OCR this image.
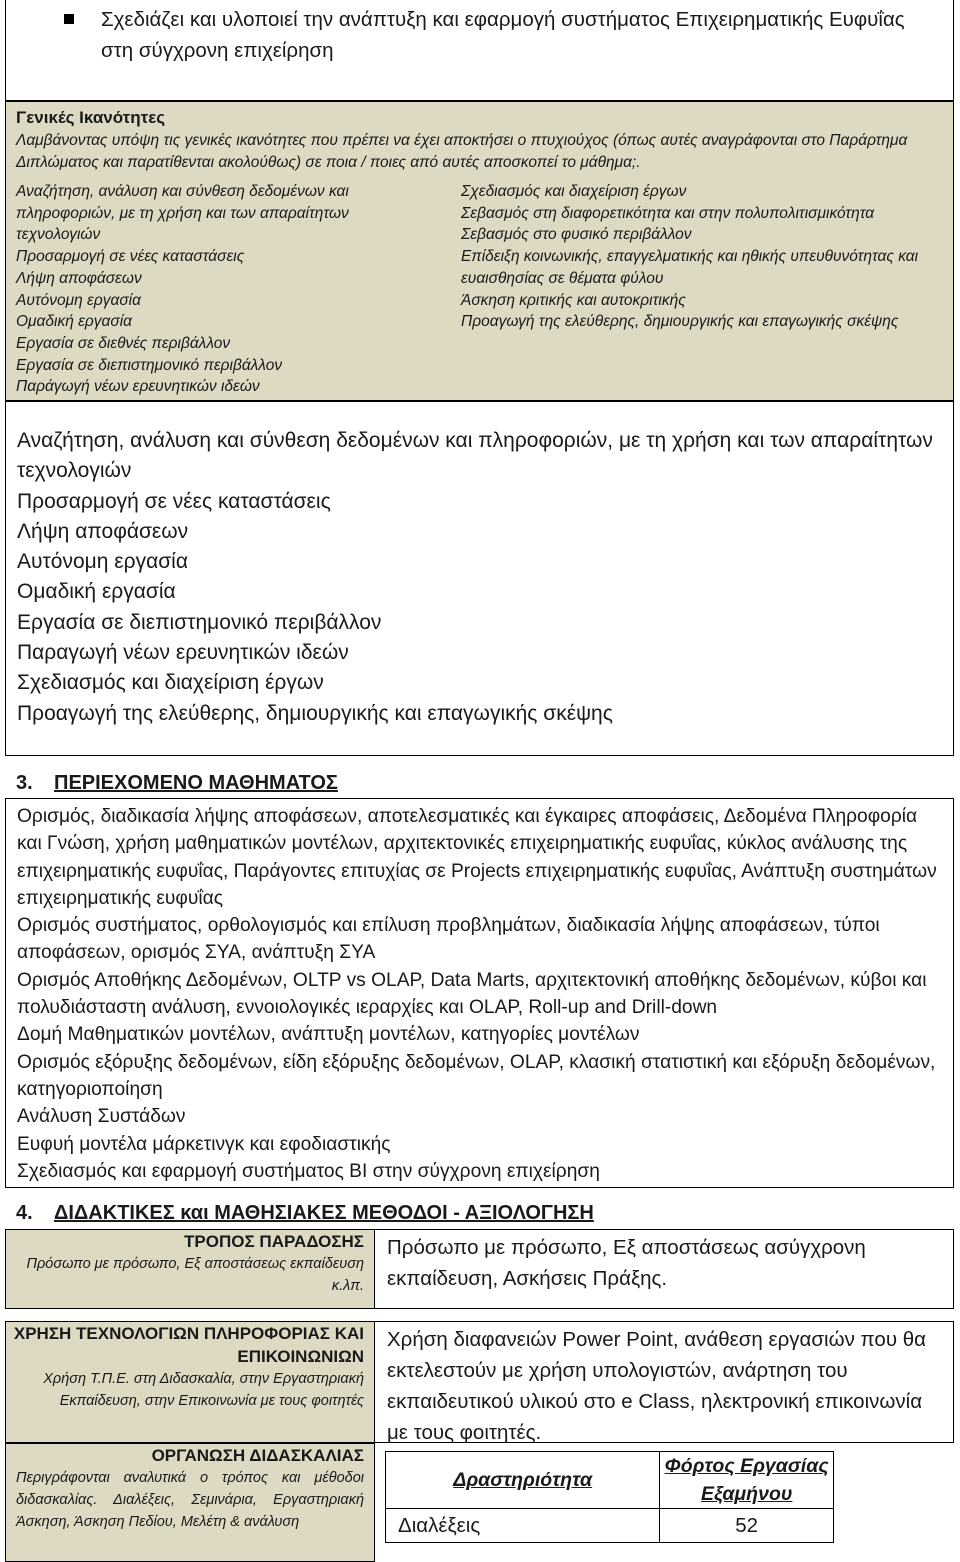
Σχεδιάζει και υλοποιεί την ανάπτυξη και εφαρμογή συστήματος Επιχειρηματικής Ευφυΐας στη σύγχρονη επιχείρηση
Γενικές Ικανότητες
Λαμβάνοντας υπόψη τις γενικές ικανότητες που πρέπει να έχει αποκτήσει ο πτυχιούχος (όπως αυτές αναγράφονται στο Παράρτημα Διπλώματος και παρατίθενται ακολούθως) σε ποια / ποιες από αυτές αποσκοπεί το μάθημα;.
Αναζήτηση, ανάλυση και σύνθεση δεδομένων και πληροφοριών, με τη χρήση και των απαραίτητων τεχνολογιών
Προσαρμογή σε νέες καταστάσεις
Λήψη αποφάσεων
Αυτόνομη εργασία
Ομαδική εργασία
Εργασία σε διεθνές περιβάλλον
Εργασία σε διεπιστημονικό περιβάλλον
Παράγωγή νέων ερευνητικών ιδεών
Σχεδιασμός και διαχείριση έργων
Σεβασμός στη διαφορετικότητα και στην πολυπολιτισμικότητα
Σεβασμός στο φυσικό περιβάλλον
Επίδειξη κοινωνικής, επαγγελματικής και ηθικής υπευθυνότητας και ευαισθησίας σε θέματα φύλου
Άσκηση κριτικής και αυτοκριτικής
Προαγωγή της ελεύθερης, δημιουργικής και επαγωγικής σκέψης
Αναζήτηση, ανάλυση και σύνθεση δεδομένων και πληροφοριών, με τη χρήση και των απαραίτητων τεχνολογιών
Προσαρμογή σε νέες καταστάσεις
Λήψη αποφάσεων
Αυτόνομη εργασία
Ομαδική εργασία
Εργασία σε διεπιστημονικό περιβάλλον
Παραγωγή νέων ερευνητικών ιδεών
Σχεδιασμός και διαχείριση έργων
Προαγωγή της ελεύθερης, δημιουργικής και επαγωγικής σκέψης
3. ΠΕΡΙΕΧΟΜΕΝΟ ΜΑΘΗΜΑΤΟΣ
Ορισμός, διαδικασία λήψης αποφάσεων, αποτελεσματικές και έγκαιρες αποφάσεις, Δεδομένα Πληροφορία και Γνώση, χρήση μαθηματικών μοντέλων, αρχιτεκτονικές επιχειρηματικής ευφυΐας, κύκλος ανάλυσης της επιχειρηματικής ευφυΐας, Παράγοντες επιτυχίας σε Projects επιχειρηματικής ευφυΐας, Ανάπτυξη συστημάτων επιχειρηματικής ευφυΐας
Ορισμός συστήματος, ορθολογισμός και επίλυση προβλημάτων, διαδικασία λήψης αποφάσεων, τύποι αποφάσεων, ορισμός ΣΥΑ, ανάπτυξη ΣΥΑ
Ορισμός Αποθήκης Δεδομένων, OLTP vs OLAP, Data Marts, αρχιτεκτονική αποθήκης δεδομένων, κύβοι και πολυδιάσταστη ανάλυση, εννοιολογικές ιεραρχίες και OLAP, Roll-up and Drill-down
Δομή Μαθηματικών μοντέλων, ανάπτυξη μοντέλων, κατηγορίες μοντέλων
Ορισμός εξόρυξης δεδομένων, είδη εξόρυξης δεδομένων, OLAP, κλασική στατιστική και εξόρυξη δεδομένων, κατηγοριοποίηση
Ανάλυση Συστάδων
Ευφυή μοντέλα μάρκετινγκ και εφοδιαστικής
Σχεδιασμός και εφαρμογή συστήματος BI στην σύγχρονη επιχείρηση
4. ΔΙΔΑΚΤΙΚΕΣ και ΜΑΘΗΣΙΑΚΕΣ ΜΕΘΟΔΟΙ - ΑΞΙΟΛΟΓΗΣΗ
ΤΡΟΠΟΣ ΠΑΡΑΔΟΣΗΣ
Πρόσωπο με πρόσωπο, Εξ αποστάσεως εκπαίδευση κ.λπ.
Πρόσωπο με πρόσωπο, Εξ αποστάσεως ασύγχρονη εκπαίδευση, Ασκήσεις Πράξης.
ΧΡΗΣΗ ΤΕΧΝΟΛΟΓΙΩΝ ΠΛΗΡΟΦΟΡΙΑΣ ΚΑΙ ΕΠΙΚΟΙΝΩΝΙΩΝ
Χρήση Τ.Π.Ε. στη Διδασκαλία, στην Εργαστηριακή Εκπαίδευση, στην Επικοινωνία με τους φοιτητές
Χρήση διαφανειών Power Point, ανάθεση εργασιών που θα εκτελεστούν με χρήση υπολογιστών, ανάρτηση του εκπαιδευτικού υλικού στο e Class, ηλεκτρονική επικοινωνία με τους φοιτητές.
ΟΡΓΑΝΩΣΗ ΔΙΔΑΣΚΑΛΙΑΣ
Περιγράφονται αναλυτικά ο τρόπος και μέθοδοι διδασκαλίας. Διαλέξεις, Σεμινάρια, Εργαστηριακή Άσκηση, Άσκηση Πεδίου, Μελέτη & ανάλυση
Δραστηριότητα	Φόρτος Εργασίας Εξαμήνου
Διαλέξεις	52
